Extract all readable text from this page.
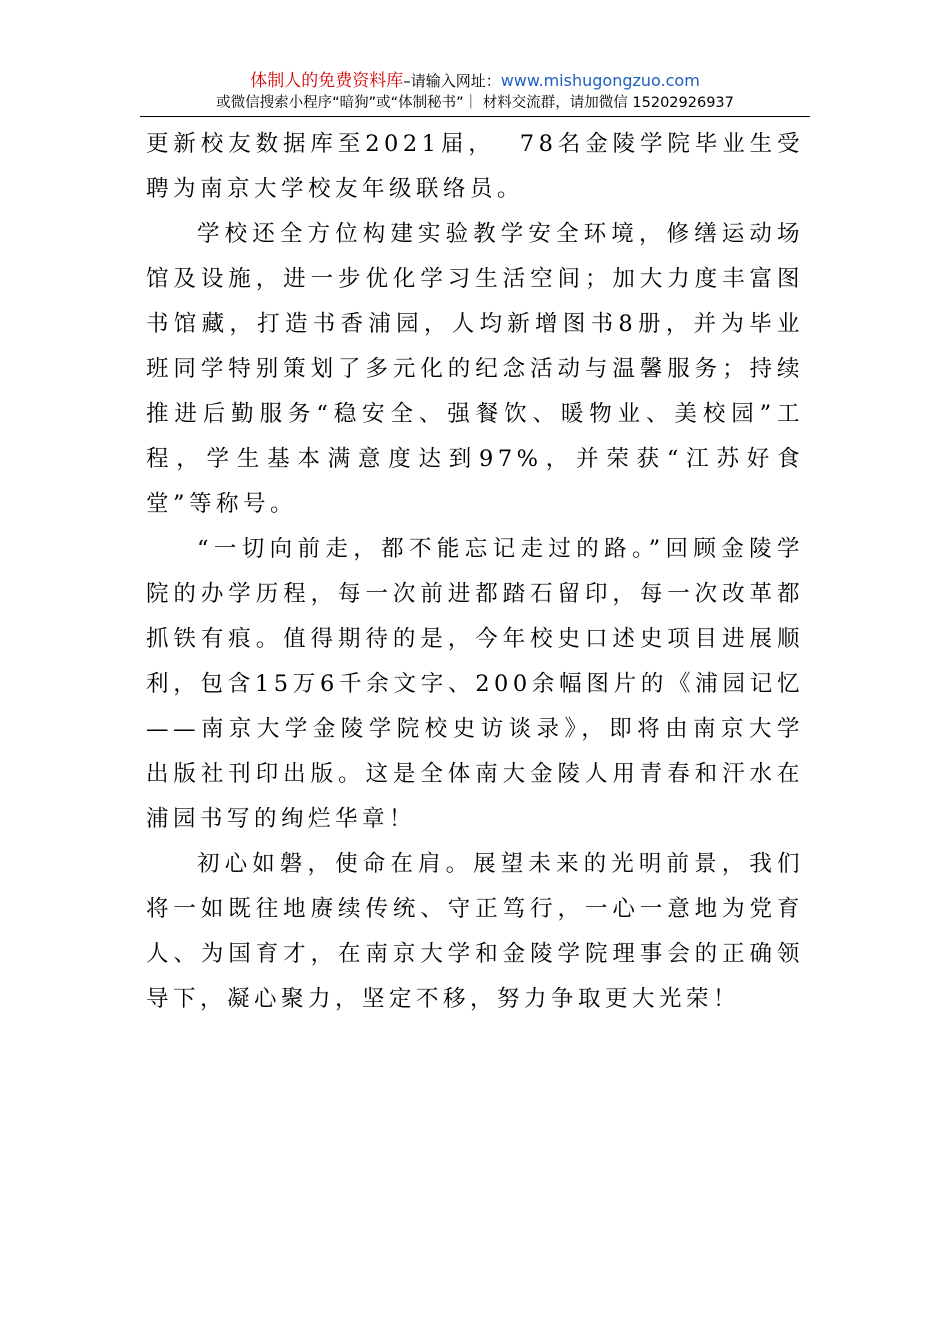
体制人的免费资料库–请输入网址：www.mishugongzuo.com
或微信搜索小程序“暗狗”或“体制秘书”｜ 材料交流群，请加微信 15202926937

更新校友数据库至2021届，  78名金陵学院毕业生受聘为南京大学校友年级联络员。

学校还全方位构建实验教学安全环境，修缮运动场馆及设施，进一步优化学习生活空间；加大力度丰富图书馆藏，打造书香浦园，人均新增图书8册，并为毕业班同学特别策划了多元化的纪念活动与温馨服务；持续推进后勤服务“稳安全、强餐饮、暖物业、美校园”工程，学生基本满意度达到97%，并荣获“江苏好食堂”等称号。

“一切向前走，都不能忘记走过的路。”回顾金陵学院的办学历程，每一次前进都踏石留印，每一次改革都抓铁有痕。值得期待的是，今年校史口述史项目进展顺利，包含15万6千余文字、200余幅图片的《浦园记忆——南京大学金陵学院校史访谈录》，即将由南京大学出版社刊印出版。这是全体南大金陵人用青春和汗水在浦园书写的绚烂华章！

初心如磐，使命在肩。展望未来的光明前景，我们将一如既往地赓续传统、守正笃行，一心一意地为党育人、为国育才，在南京大学和金陵学院理事会的正确领导下，凝心聚力，坚定不移，努力争取更大光荣！
